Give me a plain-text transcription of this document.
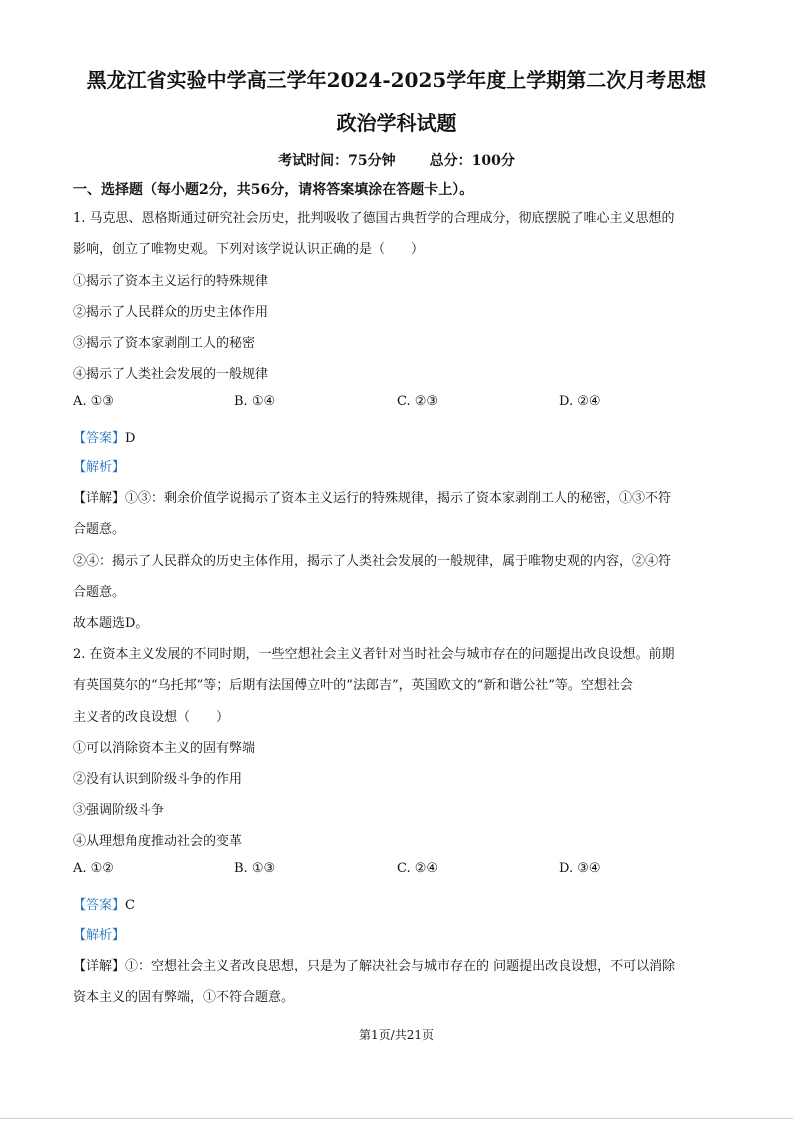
黑龙江省实验中学高三学年2024-2025学年度上学期第二次月考思想
政治学科试题
考试时间：75分钟 总分：100分
一、选择题（每小题2分，共56分，请将答案填涂在答题卡上）。
1. 马克思、恩格斯通过研究社会历史，批判吸收了德国古典哲学的合理成分，彻底摆脱了唯心主义思想的
影响，创立了唯物史观。下列对该学说认识正确的是（　　）
①揭示了资本主义运行的特殊规律
②揭示了人民群众的历史主体作用
③揭示了资本家剥削工人的秘密
④揭示了人类社会发展的一般规律
A. ①③	B. ①④	C. ②③	D. ②④
【答案】D
【解析】
【详解】①③：剩余价值学说揭示了资本主义运行的特殊规律，揭示了资本家剥削工人的秘密，①③不符
合题意。
②④：揭示了人民群众的历史主体作用，揭示了人类社会发展的一般规律，属于唯物史观的内容，②④符
合题意。
故本题选D。
2. 在资本主义发展的不同时期，一些空想社会主义者针对当时社会与城市存在的问题提出改良设想。前期
有英国莫尔的“乌托邦”等；后期有法国傅立叶的“法郎吉”，英国欧文的“新和谐公社”等。空想社会
主义者的改良设想（　　）
①可以消除资本主义的固有弊端
②没有认识到阶级斗争的作用
③强调阶级斗争
④从理想角度推动社会的变革
A. ①②	B. ①③	C. ②④	D. ③④
【答案】C
【解析】
【详解】①：空想社会主义者改良思想，只是为了解决社会与城市存在的 问题提出改良设想，不可以消除
资本主义的固有弊端，①不符合题意。
第1页/共21页
